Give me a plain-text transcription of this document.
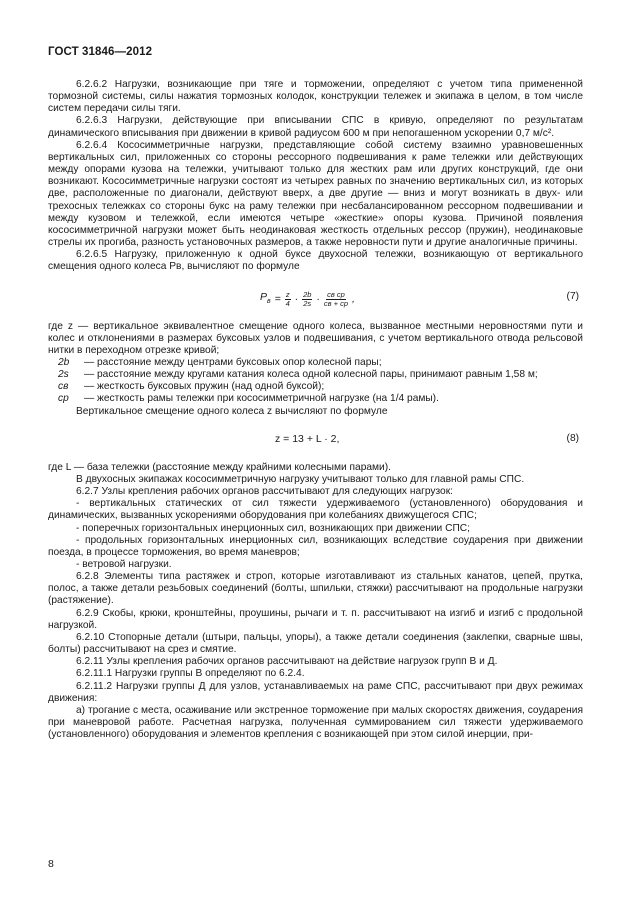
ГОСТ 31846—2012

6.2.6.2 Нагрузки, возникающие при тяге и торможении, определяют с учетом типа примененной тормозной системы, силы нажатия тормозных колодок, конструкции тележек и экипажа в целом, в том числе систем передачи силы тяги.

6.2.6.3 Нагрузки, действующие при вписывании СПС в кривую, определяют по результатам динамического вписывания при движении в кривой радиусом 600 м при непогашенном ускорении 0,7 м/с².

6.2.6.4 Кососимметричные нагрузки, представляющие собой систему взаимно уравновешенных вертикальных сил, приложенных со стороны рессорного подвешивания к раме тележки или действующих между опорами кузова на тележки, учитывают только для жестких рам или других конструкций, где они возникают. Кососимметричные нагрузки состоят из четырех равных по значению вертикальных сил, из которых две, расположенные по диагонали, действуют вверх, а две другие — вниз и могут возникать в двух- или трехосных тележках со стороны букс на раму тележки при несбалансированном рессорном подвешивании и между кузовом и тележкой, если имеются четыре «жесткие» опоры кузова. Причиной появления кососимметричной нагрузки может быть неодинаковая жесткость отдельных рессор (пружин), неодинаковые стрелы их прогиба, разность установочных размеров, а также неровности пути и другие аналогичные причины.

6.2.6.5 Нагрузку, приложенную к одной буксе двухосной тележки, возникающую от вертикального смещения одного колеса Pв, вычисляют по формуле

$P_в = \frac{z}{4} \cdot \frac{2b}{2s} \cdot \frac{\text{cв cр}}{cв + cр}$ ,	(7)

где z — вертикальное эквивалентное смещение одного колеса, вызванное местными неровностями пути и колес и отклонениями в размерах буксовых узлов и подвешивания, с учетом вертикального отвода рельсовой нитки в переходном отрезке кривой;

2b	— расстояние между центрами буксовых опор колесной пары;
2s	— расстояние между кругами катания колеса одной колесной пары, принимают равным 1,58 м;
cв	— жесткость буксовых пружин (над одной буксой);
cр	— жесткость рамы тележки при кососимметричной нагрузке (на 1/4 рамы).

Вертикальное смещение одного колеса z вычисляют по формуле

z = 13 + L · 2,	(8)

где L — база тележки (расстояние между крайними колесными парами).

В двухосных экипажах кососимметричную нагрузку учитывают только для главной рамы СПС.

6.2.7 Узлы крепления рабочих органов рассчитывают для следующих нагрузок:

- вертикальных статических от сил тяжести удерживаемого (установленного) оборудования и динамических, вызванных ускорениями оборудования при колебаниях движущегося СПС;

- поперечных горизонтальных инерционных сил, возникающих при движении СПС;

- продольных горизонтальных инерционных сил, возникающих вследствие соударения при движении поезда, в процессе торможения, во время маневров;

- ветровой нагрузки.

6.2.8 Элементы типа растяжек и строп, которые изготавливают из стальных канатов, цепей, прутка, полос, а также детали резьбовых соединений (болты, шпильки, стяжки) рассчитывают на продольные нагрузки (растяжение).

6.2.9 Скобы, крюки, кронштейны, проушины, рычаги и т. п. рассчитывают на изгиб и изгиб с продольной нагрузкой.

6.2.10 Стопорные детали (штыри, пальцы, упоры), а также детали соединения (заклепки, сварные швы, болты) рассчитывают на срез и смятие.

6.2.11 Узлы крепления рабочих органов рассчитывают на действие нагрузок групп В и Д.

6.2.11.1 Нагрузки группы В определяют по 6.2.4.

6.2.11.2 Нагрузки группы Д для узлов, устанавливаемых на раме СПС, рассчитывают при двух режимах движения:

а) трогание с места, осаживание или экстренное торможение при малых скоростях движения, соударения при маневровой работе. Расчетная нагрузка, полученная суммированием сил тяжести удерживаемого (установленного) оборудования и элементов крепления с возникающей при этом силой инерции, при-

8
